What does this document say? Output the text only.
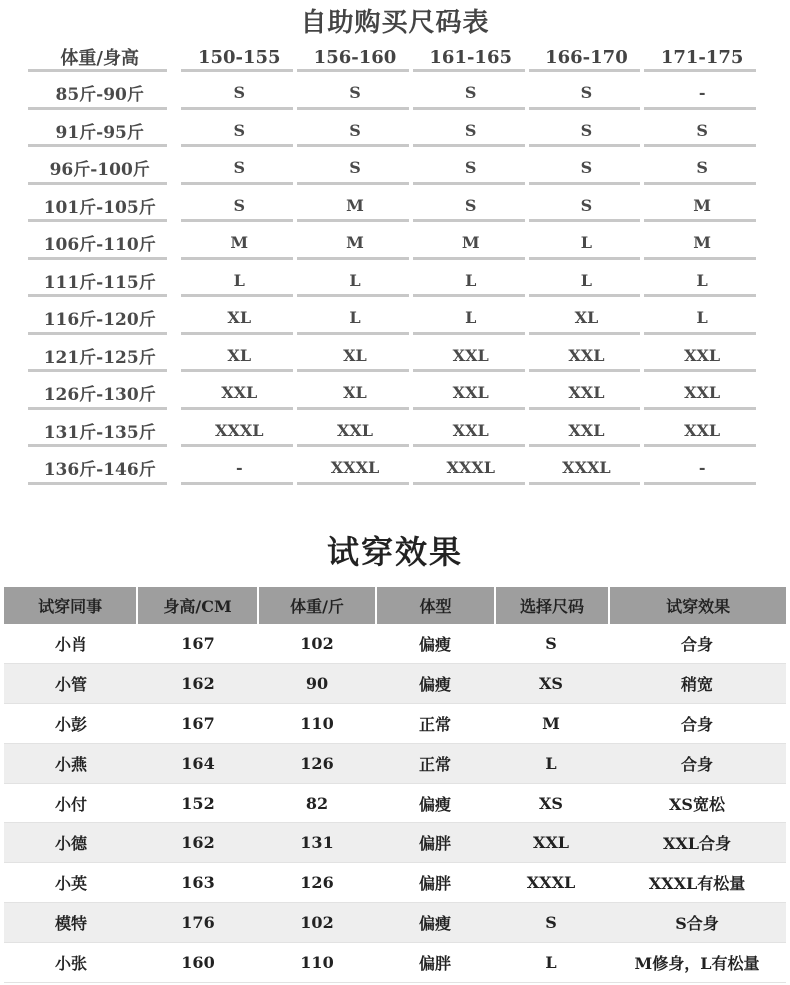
自助购买尺码表
体重/身高	150-155	156-160	161-165	166-170	171-175
85斤-90斤	S	S	S	S	-
91斤-95斤	S	S	S	S	S
96斤-100斤	S	S	S	S	S
101斤-105斤	S	M	S	S	M
106斤-110斤	M	M	M	L	M
111斤-115斤	L	L	L	L	L
116斤-120斤	XL	L	L	XL	L
121斤-125斤	XL	XL	XXL	XXL	XXL
126斤-130斤	XXL	XL	XXL	XXL	XXL
131斤-135斤	XXXL	XXL	XXL	XXL	XXL
136斤-146斤	-	XXXL	XXXL	XXXL	-
试穿效果
试穿同事	身高/CM	体重/斤	体型	选择尺码	试穿效果
小肖	167	102	偏瘦	S	合身
小管	162	90	偏瘦	XS	稍宽
小彭	167	110	正常	M	合身
小燕	164	126	正常	L	合身
小付	152	82	偏瘦	XS	XS宽松
小德	162	131	偏胖	XXL	XXL合身
小英	163	126	偏胖	XXXL	XXXL有松量
模特	176	102	偏瘦	S	S合身
小张	160	110	偏胖	L	M修身，L有松量
